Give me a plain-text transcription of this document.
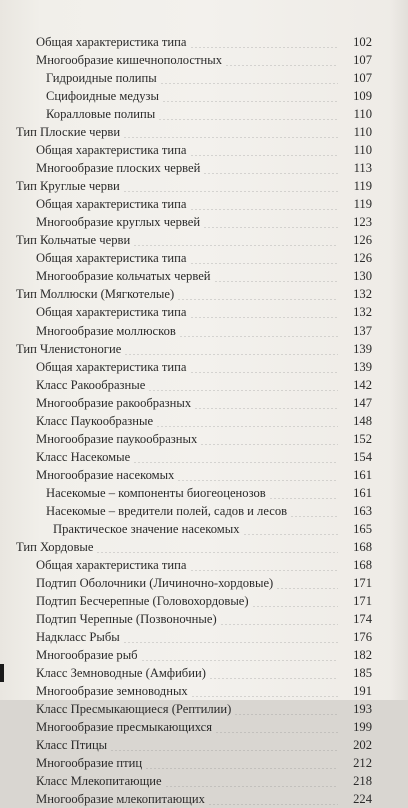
Общая характеристика типа	102
Многообразие кишечнополостных	107
Гидроидные полипы	107
Сцифоидные медузы	109
Коралловые полипы	110
Тип Плоские черви	110
Общая характеристика типа	110
Многообразие плоских червей	113
Тип Круглые черви	119
Общая характеристика типа	119
Многообразие круглых червей	123
Тип Кольчатые черви	126
Общая характеристика типа	126
Многообразие кольчатых червей	130
Тип Моллюски (Мягкотелые)	132
Общая характеристика типа	132
Многообразие моллюсков	137
Тип Членистоногие	139
Общая характеристика типа	139
Класс Ракообразные	142
Многообразие ракообразных	147
Класс Паукообразные	148
Многообразие паукообразных	152
Класс Насекомые	154
Многообразие насекомых	161
Насекомые – компоненты биогеоценозов	161
Насекомые – вредители полей, садов и лесов	163
Практическое значение насекомых	165
Тип Хордовые	168
Общая характеристика типа	168
Подтип Оболочники (Личиночно-хордовые)	171
Подтип Бесчерепные (Головохордовые)	171
Подтип Черепные (Позвоночные)	174
Надкласс Рыбы	176
Многообразие рыб	182
Класс Земноводные (Амфибии)	185
Многообразие земноводных	191
Класс Пресмыкающиеся (Рептилии)	193
Многообразие пресмыкающихся	199
Класс Птицы	202
Многообразие птиц	212
Класс Млекопитающие	218
Многообразие млекопитающих	224
